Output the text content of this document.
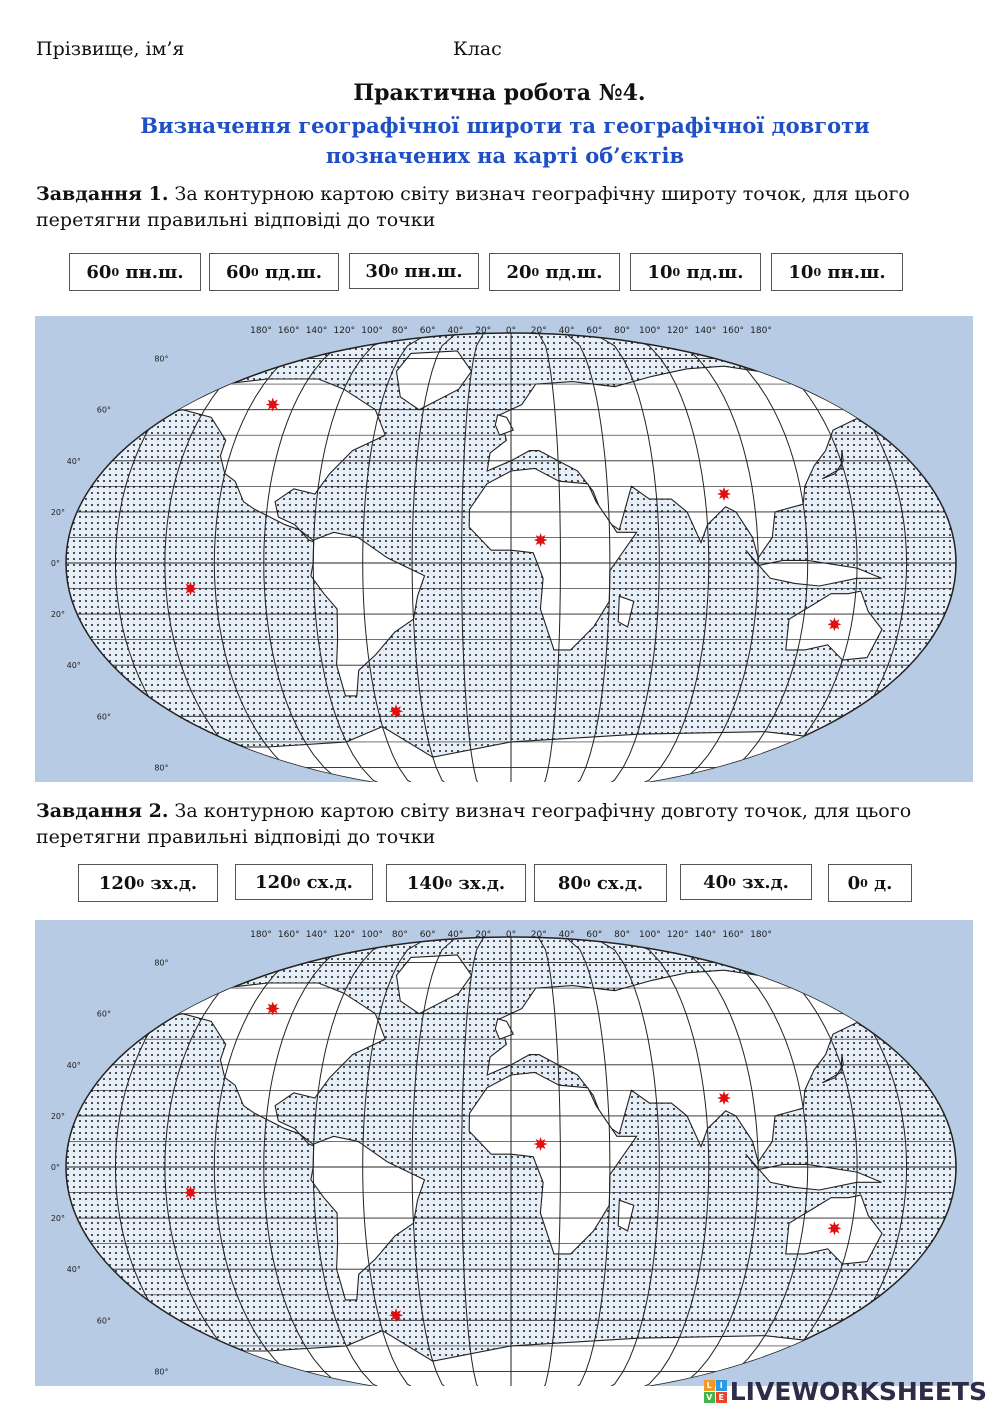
Прізвище, ім’я	Клас
Практична робота №4.
Визначення географічної широти та географічної довготи
позначених на карті об’єктів
Завдання 1. За контурною картою світу визнач географічну широту точок, для цього перетягни правильні відповіді до точки
60 0 пн.ш. 60 0 пд.ш. 30 0 пн.ш. 20 0 пд.ш. 10 0 пд.ш. 10 0 пн.ш.
180° 160° 140° 120° 100° 80° 60° 40° 20° 0° 20° 40° 60° 80° 100° 120° 140° 160° 180°
80°
60°
40°
20°
0°
20°
40°
60°
80°
Завдання 2. За контурною картою світу визнач географічну довготу точок, для цього перетягни правильні відповіді до точки
120 0 зх.д.	120 0 сх.д.	140 0 зх.д.	80 0 сх.д.	40 0 зх.д.	0 0 д.
180° 160° 140° 120° 100° 80° 60° 40° 20° 0° 20° 40° 60° 80° 100° 120° 140° 160° 180°
80°
60°
40°
20°
0°
20°
40°
60°
80°
L I
V E LIVEWORKSHEETS
